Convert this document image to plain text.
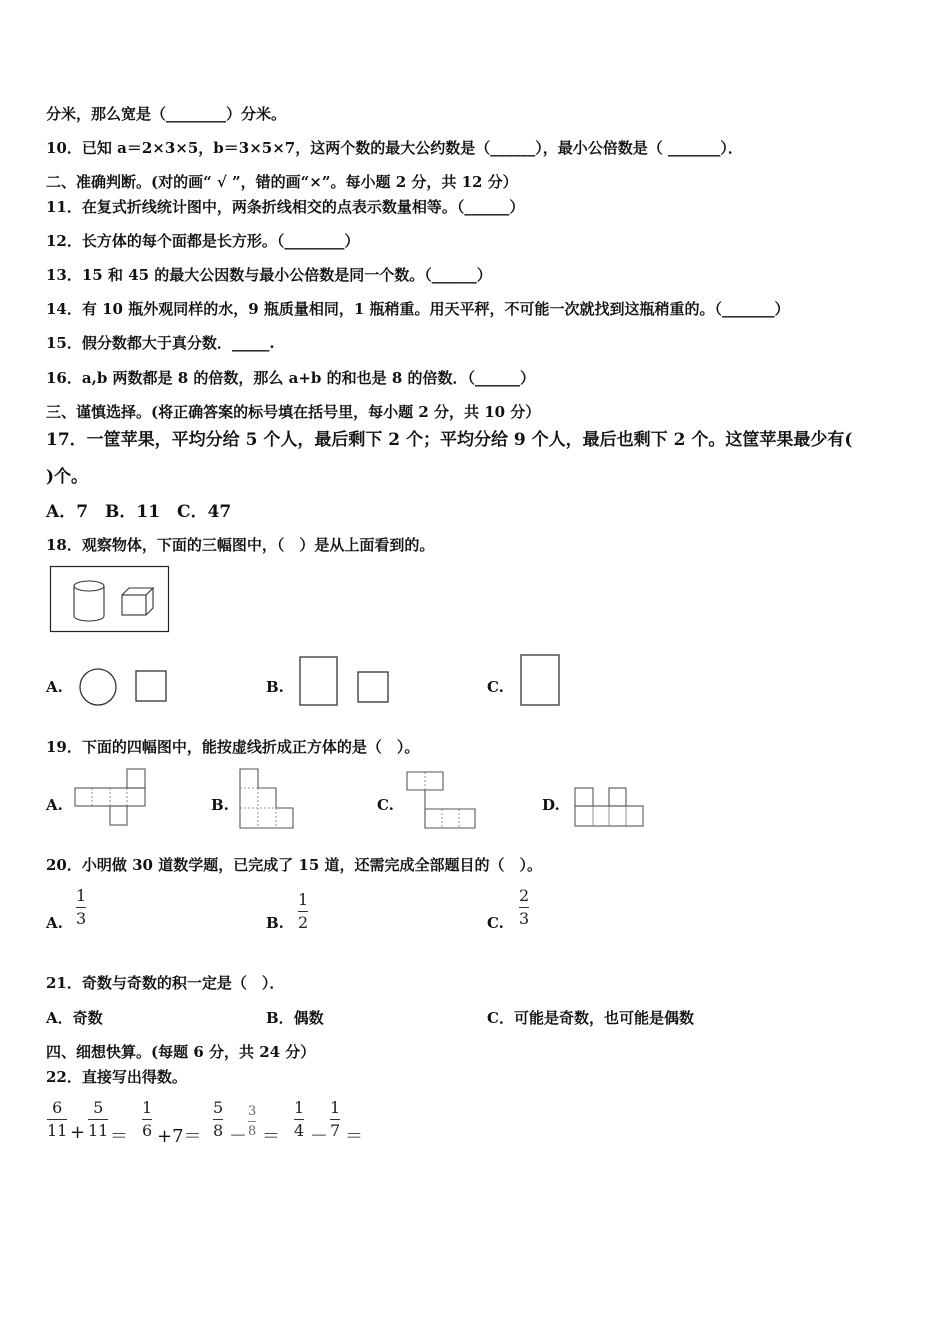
分米，那么宽是（________）分米。
10．已知 a＝2×3×5，b＝3×5×7，这两个数的最大公约数是（______），最小公倍数是（ _______）．
二、准确判断。(对的画“ √ ”，错的画“×”。每小题 2 分，共 12 分）
11．在复式折线统计图中，两条折线相交的点表示数量相等。（______）
12．长方体的每个面都是长方形。（________）
13．15 和 45 的最大公因数与最小公倍数是同一个数。（______）
14．有 10 瓶外观同样的水，9 瓶质量相同，1 瓶稍重。用天平秤，不可能一次就找到这瓶稍重的。（_______）
15．假分数都大于真分数．_____.
16．a,b 两数都是 8 的倍数，那么 a+b 的和也是 8 的倍数．（______）
三、谨慎选择。(将正确答案的标号填在括号里，每小题 2 分，共 10 分）
17．一筐苹果，平均分给 5 个人，最后剩下 2 个；平均分给 9 个人，最后也剩下 2 个。这筐苹果最少有(
)个。
A．7　B．11　C．47
18．观察物体，下面的三幅图中，（　）是从上面看到的。
A.	B.	C.
19．下面的四幅图中，能按虚线折成正方体的是（　）。
A.	B.	C.	D.
20．小明做 30 道数学题，已完成了 15 道，还需完成全部题目的（　）。
A.
1
3	B.
1
2	C.
2
3
21．奇数与奇数的积一定是（　）．
A．奇数	B．偶数	C．可能是奇数，也可能是偶数
四、细想快算。(每题 6 分，共 24 分）
22．直接写出得数。
6
11 +
5
11 ＝
1
6 +7＝
5
8 －
3
8 ＝
1
4 －
1
7 ＝
